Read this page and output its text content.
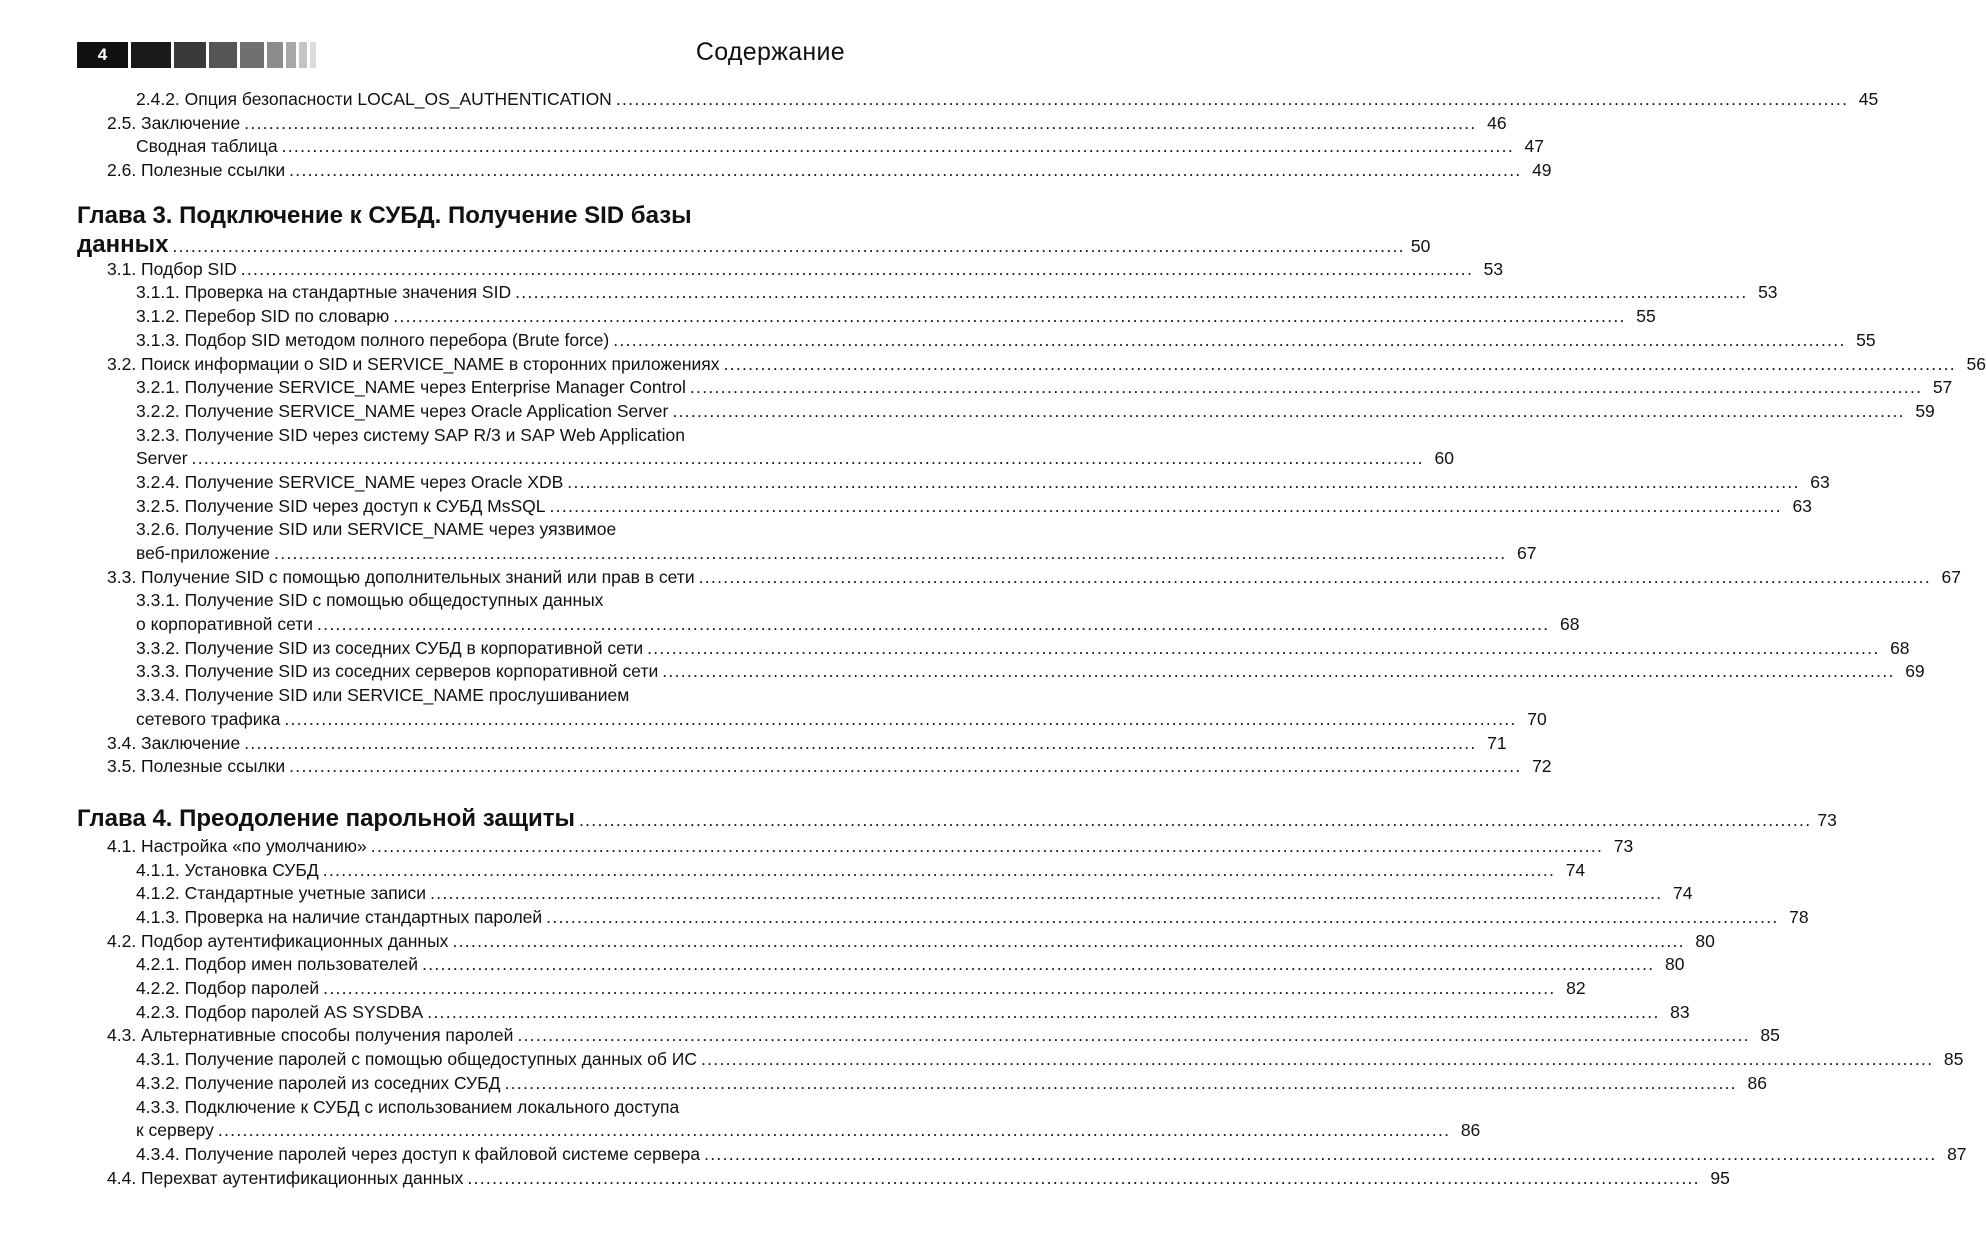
4	Содержание
2.4.2. Опция безопасности LOCAL_OS_AUTHENTICATION .....	45
2.5. Заключение .....	46
Сводная таблица .....	47
2.6. Полезные ссылки .....	49
Глава 3. Подключение к СУБД. Получение SID базы
данных ........................................................................................................................................................................................................ 50
3.1. Подбор SID .....	53
3.1.1. Проверка на стандартные значения SID .....	53
3.1.2. Перебор SID по словарю .....	55
3.1.3. Подбор SID методом полного перебора (Brute force) .....	55
3.2. Поиск информации о SID и SERVICE_NAME в сторонних приложениях .....	56
3.2.1. Получение SERVICE_NAME через Enterprise Manager Control .....	57
3.2.2. Получение SERVICE_NAME через Oracle Application Server .....	59
3.2.3. Получение SID через систему SAP R/3 и SAP Web Application
Server .....	60
3.2.4. Получение SERVICE_NAME через Oracle XDB .....	63
3.2.5. Получение SID через доступ к СУБД MsSQL .....	63
3.2.6. Получение SID или SERVICE_NAME через уязвимое
веб-приложение .....	67
3.3. Получение SID с помощью дополнительных знаний или прав в сети .....	67
3.3.1. Получение SID с помощью общедоступных данных
о корпоративной сети .....	68
3.3.2. Получение SID из соседних СУБД в корпоративной сети .....	68
3.3.3. Получение SID из соседних серверов корпоративной сети .....	69
3.3.4. Получение SID или SERVICE_NAME прослушиванием
сетевого трафика .....	70
3.4. Заключение .....	71
3.5. Полезные ссылки .....	72
Глава 4. Преодоление парольной защиты ........................................................................................................................................................................................................ 73
4.1. Настройка «по умолчанию» .....	73
4.1.1. Установка СУБД .....	74
4.1.2. Стандартные учетные записи .....	74
4.1.3. Проверка на наличие стандартных паролей .....	78
4.2. Подбор аутентификационных данных .....	80
4.2.1. Подбор имен пользователей .....	80
4.2.2. Подбор паролей .....	82
4.2.3. Подбор паролей AS SYSDBA .....	83
4.3. Альтернативные способы получения паролей .....	85
4.3.1. Получение паролей с помощью общедоступных данных об ИС .....	85
4.3.2. Получение паролей из соседних СУБД .....	86
4.3.3. Подключение к СУБД с использованием локального доступа
к серверу .....	86
4.3.4. Получение паролей через доступ к файловой системе сервера .....	87
4.4. Перехват аутентификационных данных .....	95
